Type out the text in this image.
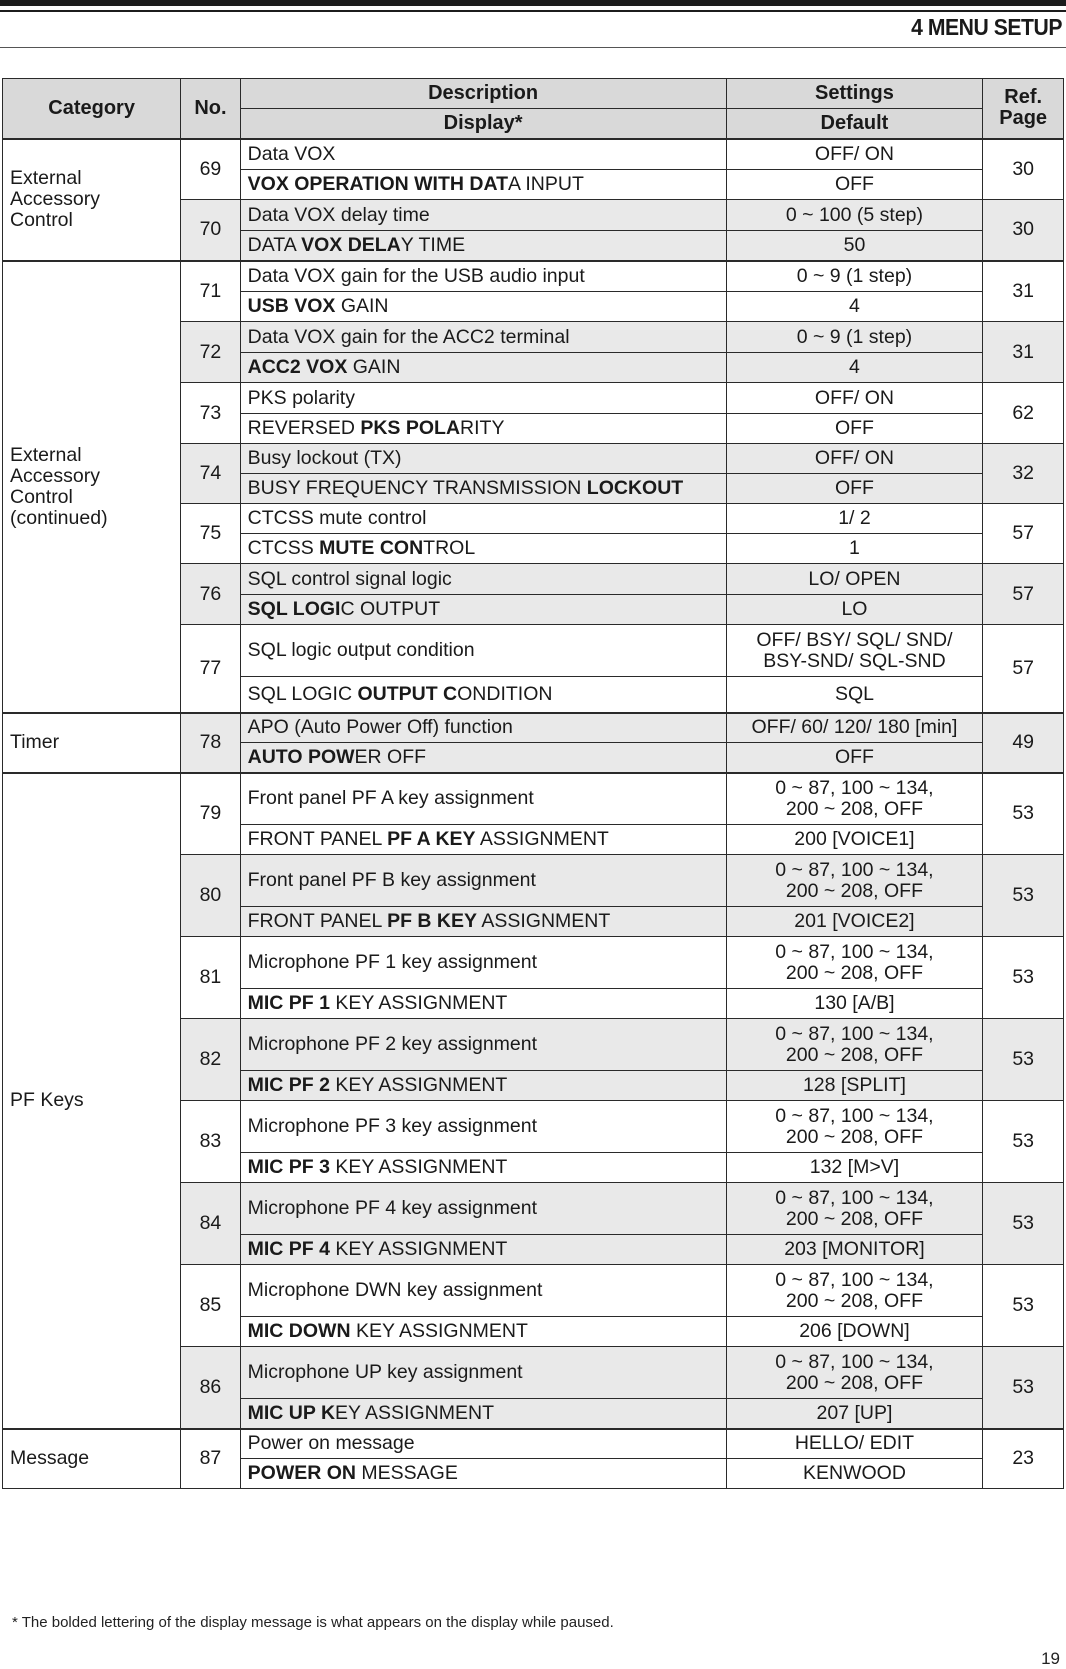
4 MENU SETUP
Category	No.	Description	Settings	Ref.
Page

		Display*	Default	

External
Accessory
Control	69	Data VOX	OFF/ ON	30
		VOX OPERATION WITH DATA INPUT	OFF	
	70	Data VOX delay time	0 ~ 100 (5 step)	30
		DATA VOX DELAY TIME	50	

External
Accessory
Control
(continued)	71	Data VOX gain for the USB audio input	0 ~ 9 (1 step)	31
		USB VOX GAIN	4	
	72	Data VOX gain for the ACC2 terminal	0 ~ 9 (1 step)	31
		ACC2 VOX GAIN	4	
	73	PKS polarity	OFF/ ON	62
		REVERSED PKS POLARITY	OFF	
	74	Busy lockout (TX)	OFF/ ON	32
		BUSY FREQUENCY TRANSMISSION LOCKOUT	OFF	
	75	CTCSS mute control	1/ 2	57
		CTCSS MUTE CONTROL	1	
	76	SQL control signal logic	LO/ OPEN	57
		SQL LOGIC OUTPUT	LO	
	77	SQL logic output condition	OFF/ BSY/ SQL/ SND/
BSY-SND/ SQL-SND	57
		SQL LOGIC OUTPUT CONDITION	SQL	

Timer	78	APO (Auto Power Off) function	OFF/ 60/ 120/ 180 [min]	49
		AUTO POWER OFF	OFF	

PF Keys	79	Front panel PF A key assignment	0 ~ 87, 100 ~ 134,
200 ~ 208, OFF	53
		FRONT PANEL PF A KEY ASSIGNMENT	200 [VOICE1]	
	80	Front panel PF B key assignment	0 ~ 87, 100 ~ 134,
200 ~ 208, OFF	53
		FRONT PANEL PF B KEY ASSIGNMENT	201 [VOICE2]	
	81	Microphone PF 1 key assignment	0 ~ 87, 100 ~ 134,
200 ~ 208, OFF	53
		MIC PF 1 KEY ASSIGNMENT	130 [A/B]	
	82	Microphone PF 2 key assignment	0 ~ 87, 100 ~ 134,
200 ~ 208, OFF	53
		MIC PF 2 KEY ASSIGNMENT	128 [SPLIT]	
	83	Microphone PF 3 key assignment	0 ~ 87, 100 ~ 134,
200 ~ 208, OFF	53
		MIC PF 3 KEY ASSIGNMENT	132 [M>V]	
	84	Microphone PF 4 key assignment	0 ~ 87, 100 ~ 134,
200 ~ 208, OFF	53
		MIC PF 4 KEY ASSIGNMENT	203 [MONITOR]	
	85	Microphone DWN key assignment	0 ~ 87, 100 ~ 134,
200 ~ 208, OFF	53
		MIC DOWN KEY ASSIGNMENT	206 [DOWN]	
	86	Microphone UP key assignment	0 ~ 87, 100 ~ 134,
200 ~ 208, OFF	53
		MIC UP KEY ASSIGNMENT	207 [UP]	

Message	87	Power on message	HELLO/ EDIT	23
		POWER ON MESSAGE	KENWOOD	
* The bolded lettering of the display message is what appears on the display while paused.
19
